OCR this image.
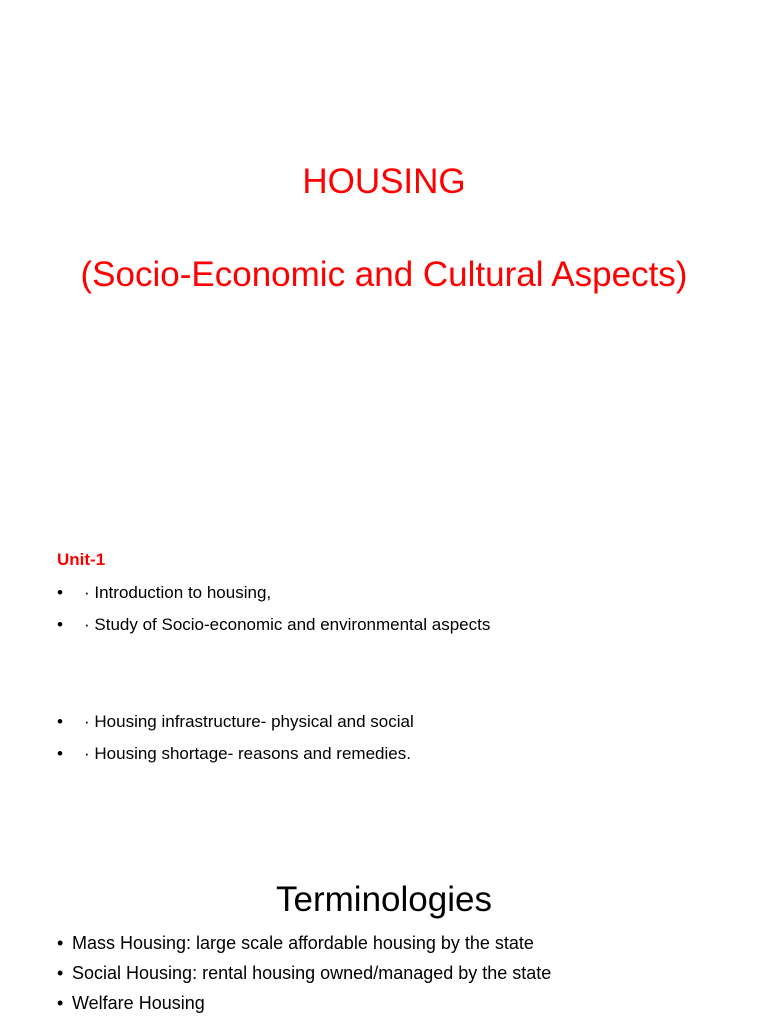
HOUSING
(Socio-Economic and Cultural Aspects)

Unit-1

• · Introduction to housing,
• · Study of Socio-economic and environmental aspects
• · Housing infrastructure- physical and social
• · Housing shortage- reasons and remedies.
Terminologies
• Mass Housing: large scale affordable housing by the state
• Social Housing: rental housing owned/managed by the state
• Welfare Housing
